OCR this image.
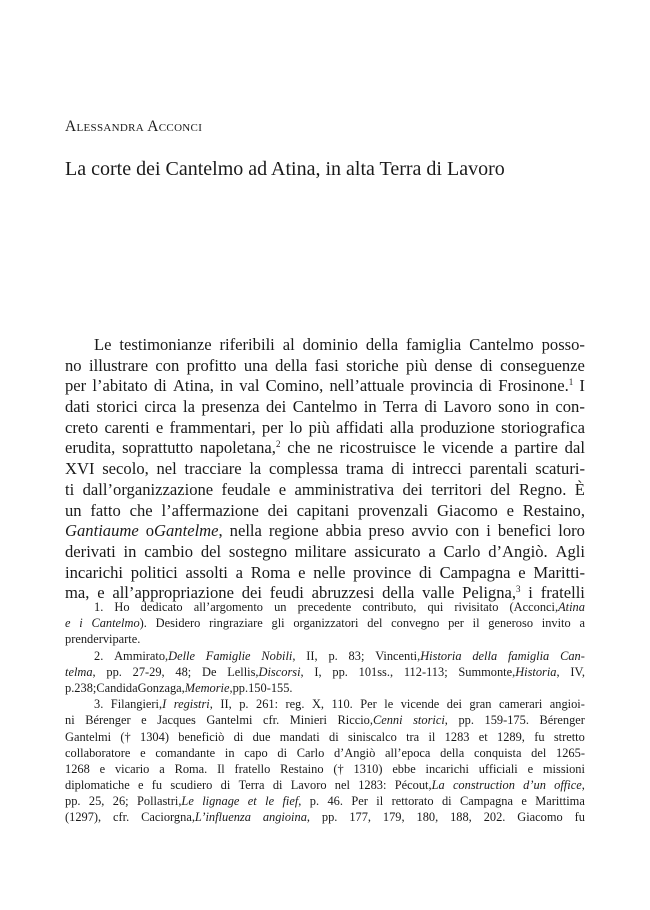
Alessandra Acconci
La corte dei Cantelmo ad Atina, in alta Terra di Lavoro
Le testimonianze riferibili al dominio della famiglia Cantelmo posso-
no illustrare con profitto una della fasi storiche più dense di conseguenze
per l’abitato di Atina, in val Comino, nell’attuale provincia di Frosinone.$^1$ I
dati storici circa la presenza dei Cantelmo in Terra di Lavoro sono in con-
creto carenti e frammentari, per lo più affidati alla produzione storiografica
erudita, soprattutto napoletana,$^2$ che ne ricostruisce le vicende a partire dal
XVI secolo, nel tracciare la complessa trama di intrecci parentali scaturi-
ti dall’organizzazione feudale e amministrativa dei territori del Regno. È
un fatto che l’affermazione dei capitani provenzali Giacomo e Restaino,
Gantiaume oGantelme, nella regione abbia preso avvio con i benefici loro
derivati in cambio del sostegno militare assicurato a Carlo d’Angiò. Agli
incarichi politici assolti a Roma e nelle province di Campagna e Maritti-
ma, e all’appropriazione dei feudi abruzzesi della valle Peligna,$^3$ i fratelli
1. Ho dedicato all’argomento un precedente contributo, qui rivisitato (Acconci,Atina
e i Cantelmo). Desidero ringraziare gli organizzatori del convegno per il generoso invito a
prendervi parte.
2. Ammirato,Delle Famiglie Nobili, II, p. 83; Vincenti,Historia della famiglia Can-
telma, pp. 27-29, 48; De Lellis,Discorsi, I, pp. 101ss., 112-113; Summonte,Historia, IV,
p. 238; Candida Gonzaga,Memorie, pp. 150-155.
3. Filangieri,I registri, II, p. 261: reg. X, 110. Per le vicende dei gran camerari angioi-
ni Bérenger e Jacques Gantelmi cfr. Minieri Riccio,Cenni storici, pp. 159-175. Bérenger
Gantelmi († 1304) beneficiò di due mandati di siniscalco tra il 1283 et 1289, fu stretto
collaboratore e comandante in capo di Carlo d’Angiò all’epoca della conquista del 1265-
1268 e vicario a Roma. Il fratello Restaino († 1310) ebbe incarichi ufficiali e missioni
diplomatiche e fu scudiero di Terra di Lavoro nel 1283: Pécout,La construction d’un office,
pp. 25, 26; Pollastri,Le lignage et le fief, p. 46. Per il rettorato di Campagna e Marittima
(1297), cfr. Caciorgna,L’influenza angioina, pp. 177, 179, 180, 188, 202. Giacomo fu
